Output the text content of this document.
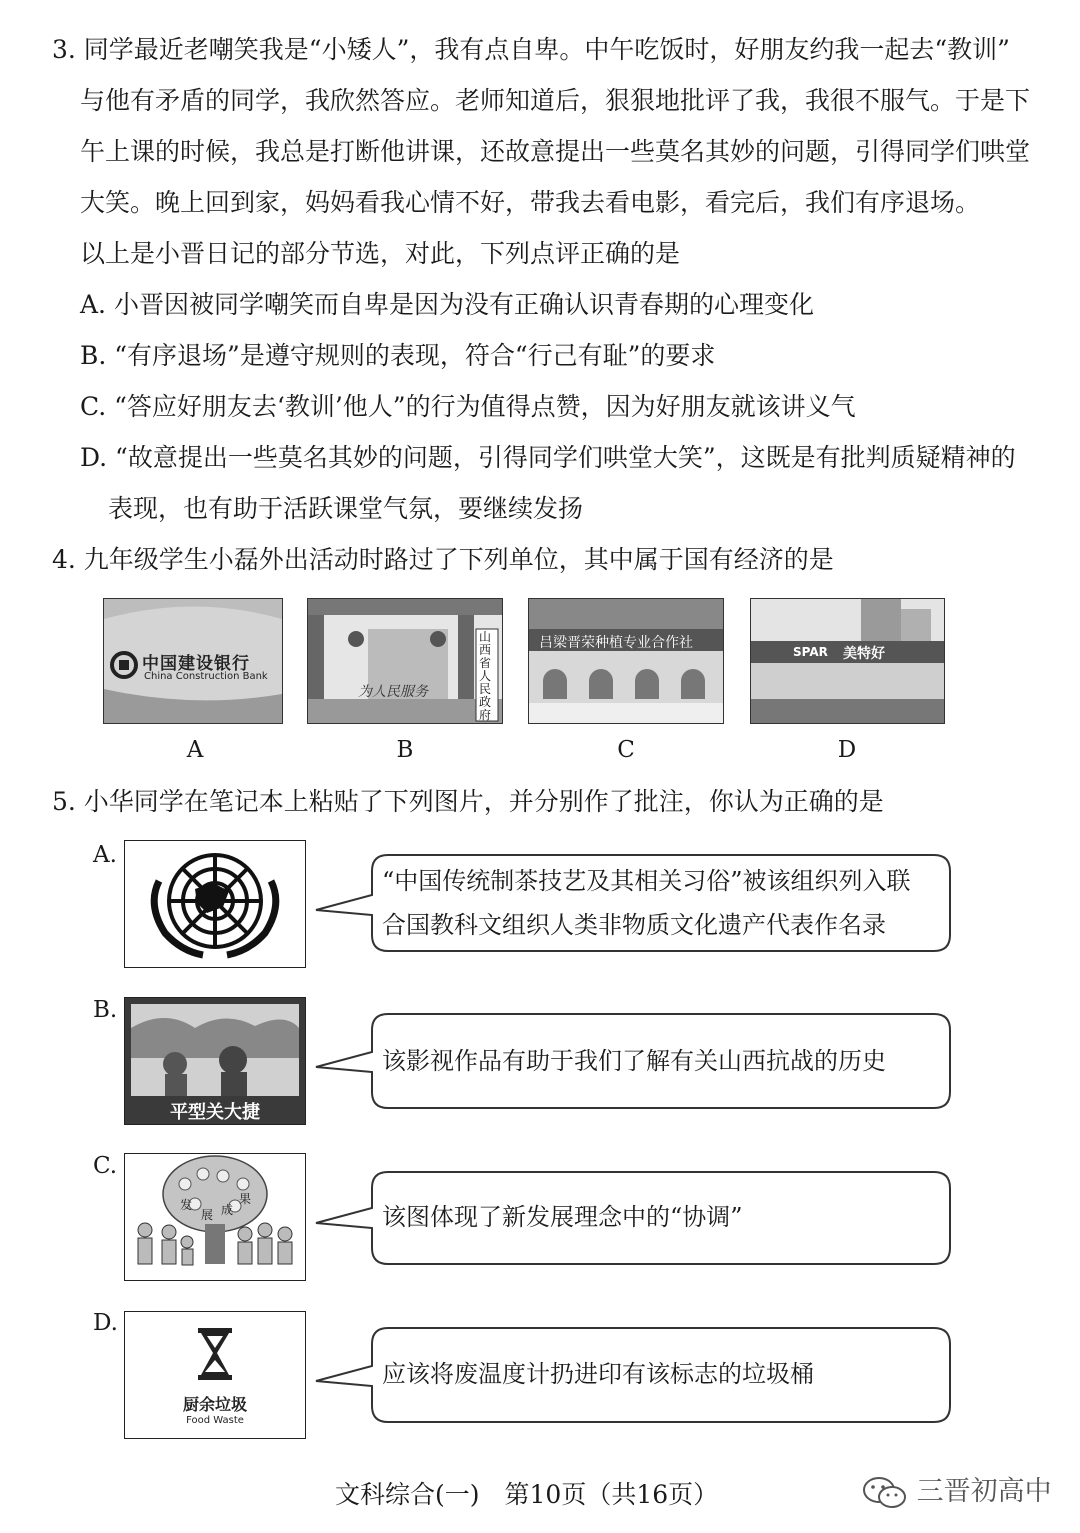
3. 同学最近老嘲笑我是“小矮人”，我有点自卑。中午吃饭时，好朋友约我一起去“教训”
与他有矛盾的同学，我欣然答应。老师知道后，狠狠地批评了我，我很不服气。于是下
午上课的时候，我总是打断他讲课，还故意提出一些莫名其妙的问题，引得同学们哄堂
大笑。晚上回到家，妈妈看我心情不好，带我去看电影，看完后，我们有序退场。
以上是小晋日记的部分节选，对此，下列点评正确的是
A. 小晋因被同学嘲笑而自卑是因为没有正确认识青春期的心理变化
B. “有序退场”是遵守规则的表现，符合“行己有耻”的要求
C. “答应好朋友去‘教训’他人”的行为值得点赞，因为好朋友就该讲义气
D. “故意提出一些莫名其妙的问题，引得同学们哄堂大笑”，这既是有批判质疑精神的
表现，也有助于活跃课堂气氛，要继续发扬
4. 九年级学生小磊外出活动时路过了下列单位，其中属于国有经济的是
中国建设银行
China Construction Bank
A
为人民服务
山西省人民政府
B
吕梁晋荣种植专业合作社
C
SPAR 美特好
D
5. 小华同学在笔记本上粘贴了下列图片，并分别作了批注，你认为正确的是
A.
“中国传统制茶技艺及其相关习俗”被该组织列入联
合国教科文组织人类非物质文化遗产代表作名录
B.
平型关大捷
该影视作品有助于我们了解有关山西抗战的历史
C.
发
展 成
果
该图体现了新发展理念中的“协调”
D.
厨余垃圾
Food Waste
应该将废温度计扔进印有该标志的垃圾桶
文科综合(一)　第10页（共16页）	三晋初高中
